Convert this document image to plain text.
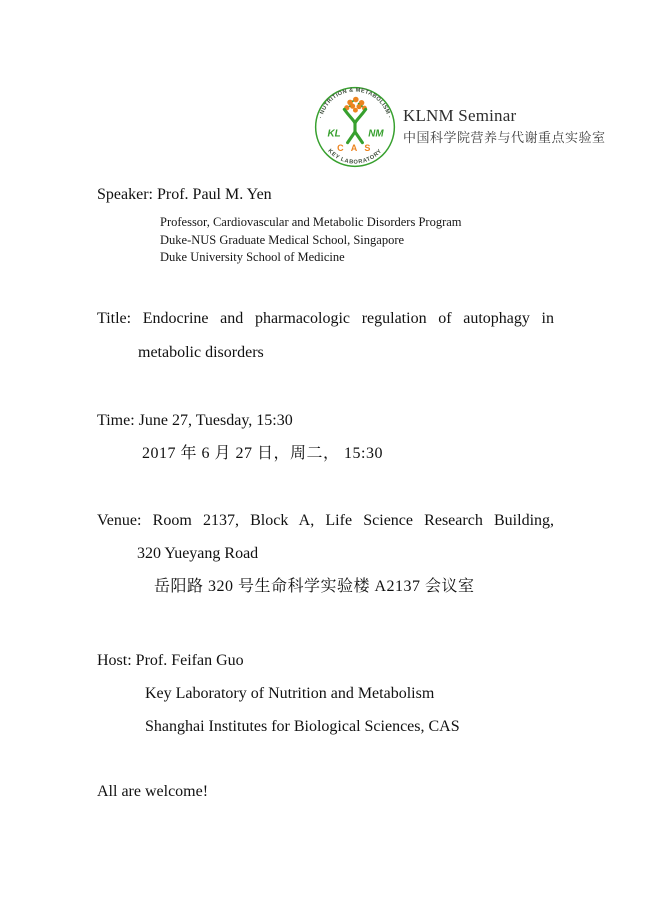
· NUTRITION & METABOLISM ·
KEY LABORATORY
KL NM
C A S
KLNM Seminar
中国科学院营养与代谢重点实验室
Speaker: Prof. Paul M. Yen
Professor, Cardiovascular and Metabolic Disorders Program
Duke-NUS Graduate Medical School, Singapore
Duke University School of Medicine
Title: Endocrine and pharmacologic regulation of autophagy in
metabolic disorders
Time: June 27, Tuesday, 15:30
2017 年 6 月 27 日，周二， 15:30
Venue: Room 2137, Block A, Life Science Research Building,
320 Yueyang Road
岳阳路 320 号生命科学实验楼 A2137 会议室
Host: Prof. Feifan Guo
Key Laboratory of Nutrition and Metabolism
Shanghai Institutes for Biological Sciences, CAS
All are welcome!
